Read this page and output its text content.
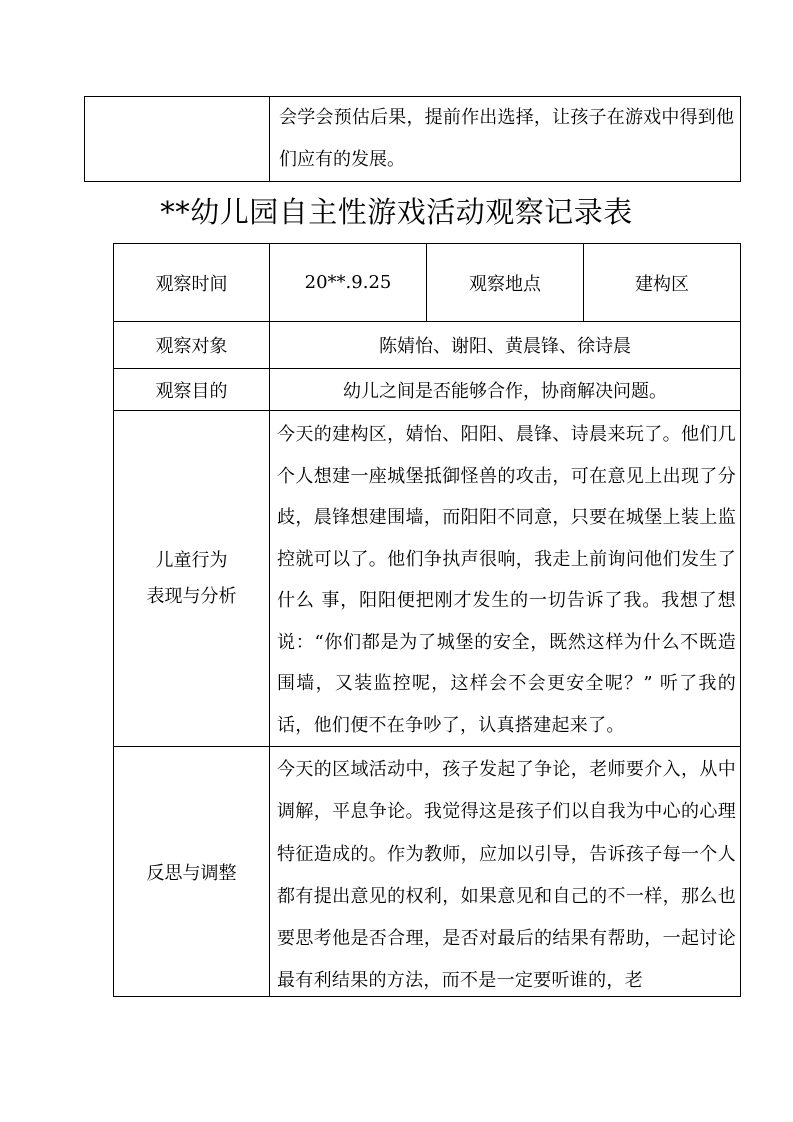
会学会预估后果，提前作出选择，让孩子在游戏中得到他们应有的发展。
**幼儿园自主性游戏活动观察记录表
观察时间	20**.9.25	观察地点	建构区
观察对象	陈婧怡、谢阳、黄晨锋、徐诗晨		
观察目的	幼儿之间是否能够合作，协商解决问题。		

儿童行为
表现与分析	今天的建构区，婧怡、阳阳、晨锋、诗晨来玩了。他们几个人想建一座城堡抵御怪兽的攻击，可在意见上出现了分歧，晨锋想建围墙，而阳阳不同意，只要在城堡上装上监控就可以了。他们争执声很响，我走上前询问他们发生了什么 事，阳阳便把刚才发生的一切告诉了我。我想了想说：“你们都是为了城堡的安全，既然这样为什么不既造围墙，又装监控呢，这样会不会更安全呢？” 听了我的话，他们便不在争吵了，认真搭建起来了。		

反思与调整	今天的区域活动中，孩子发起了争论，老师要介入，从中调解，平息争论。我觉得这是孩子们以自我为中心的心理特征造成的。作为教师，应加以引导，告诉孩子每一个人都有提出意见的权利，如果意见和自己的不一样，那么也要思考他是否合理，是否对最后的结果有帮助，一起讨论最有利结果的方法，而不是一定要听谁的，老		
